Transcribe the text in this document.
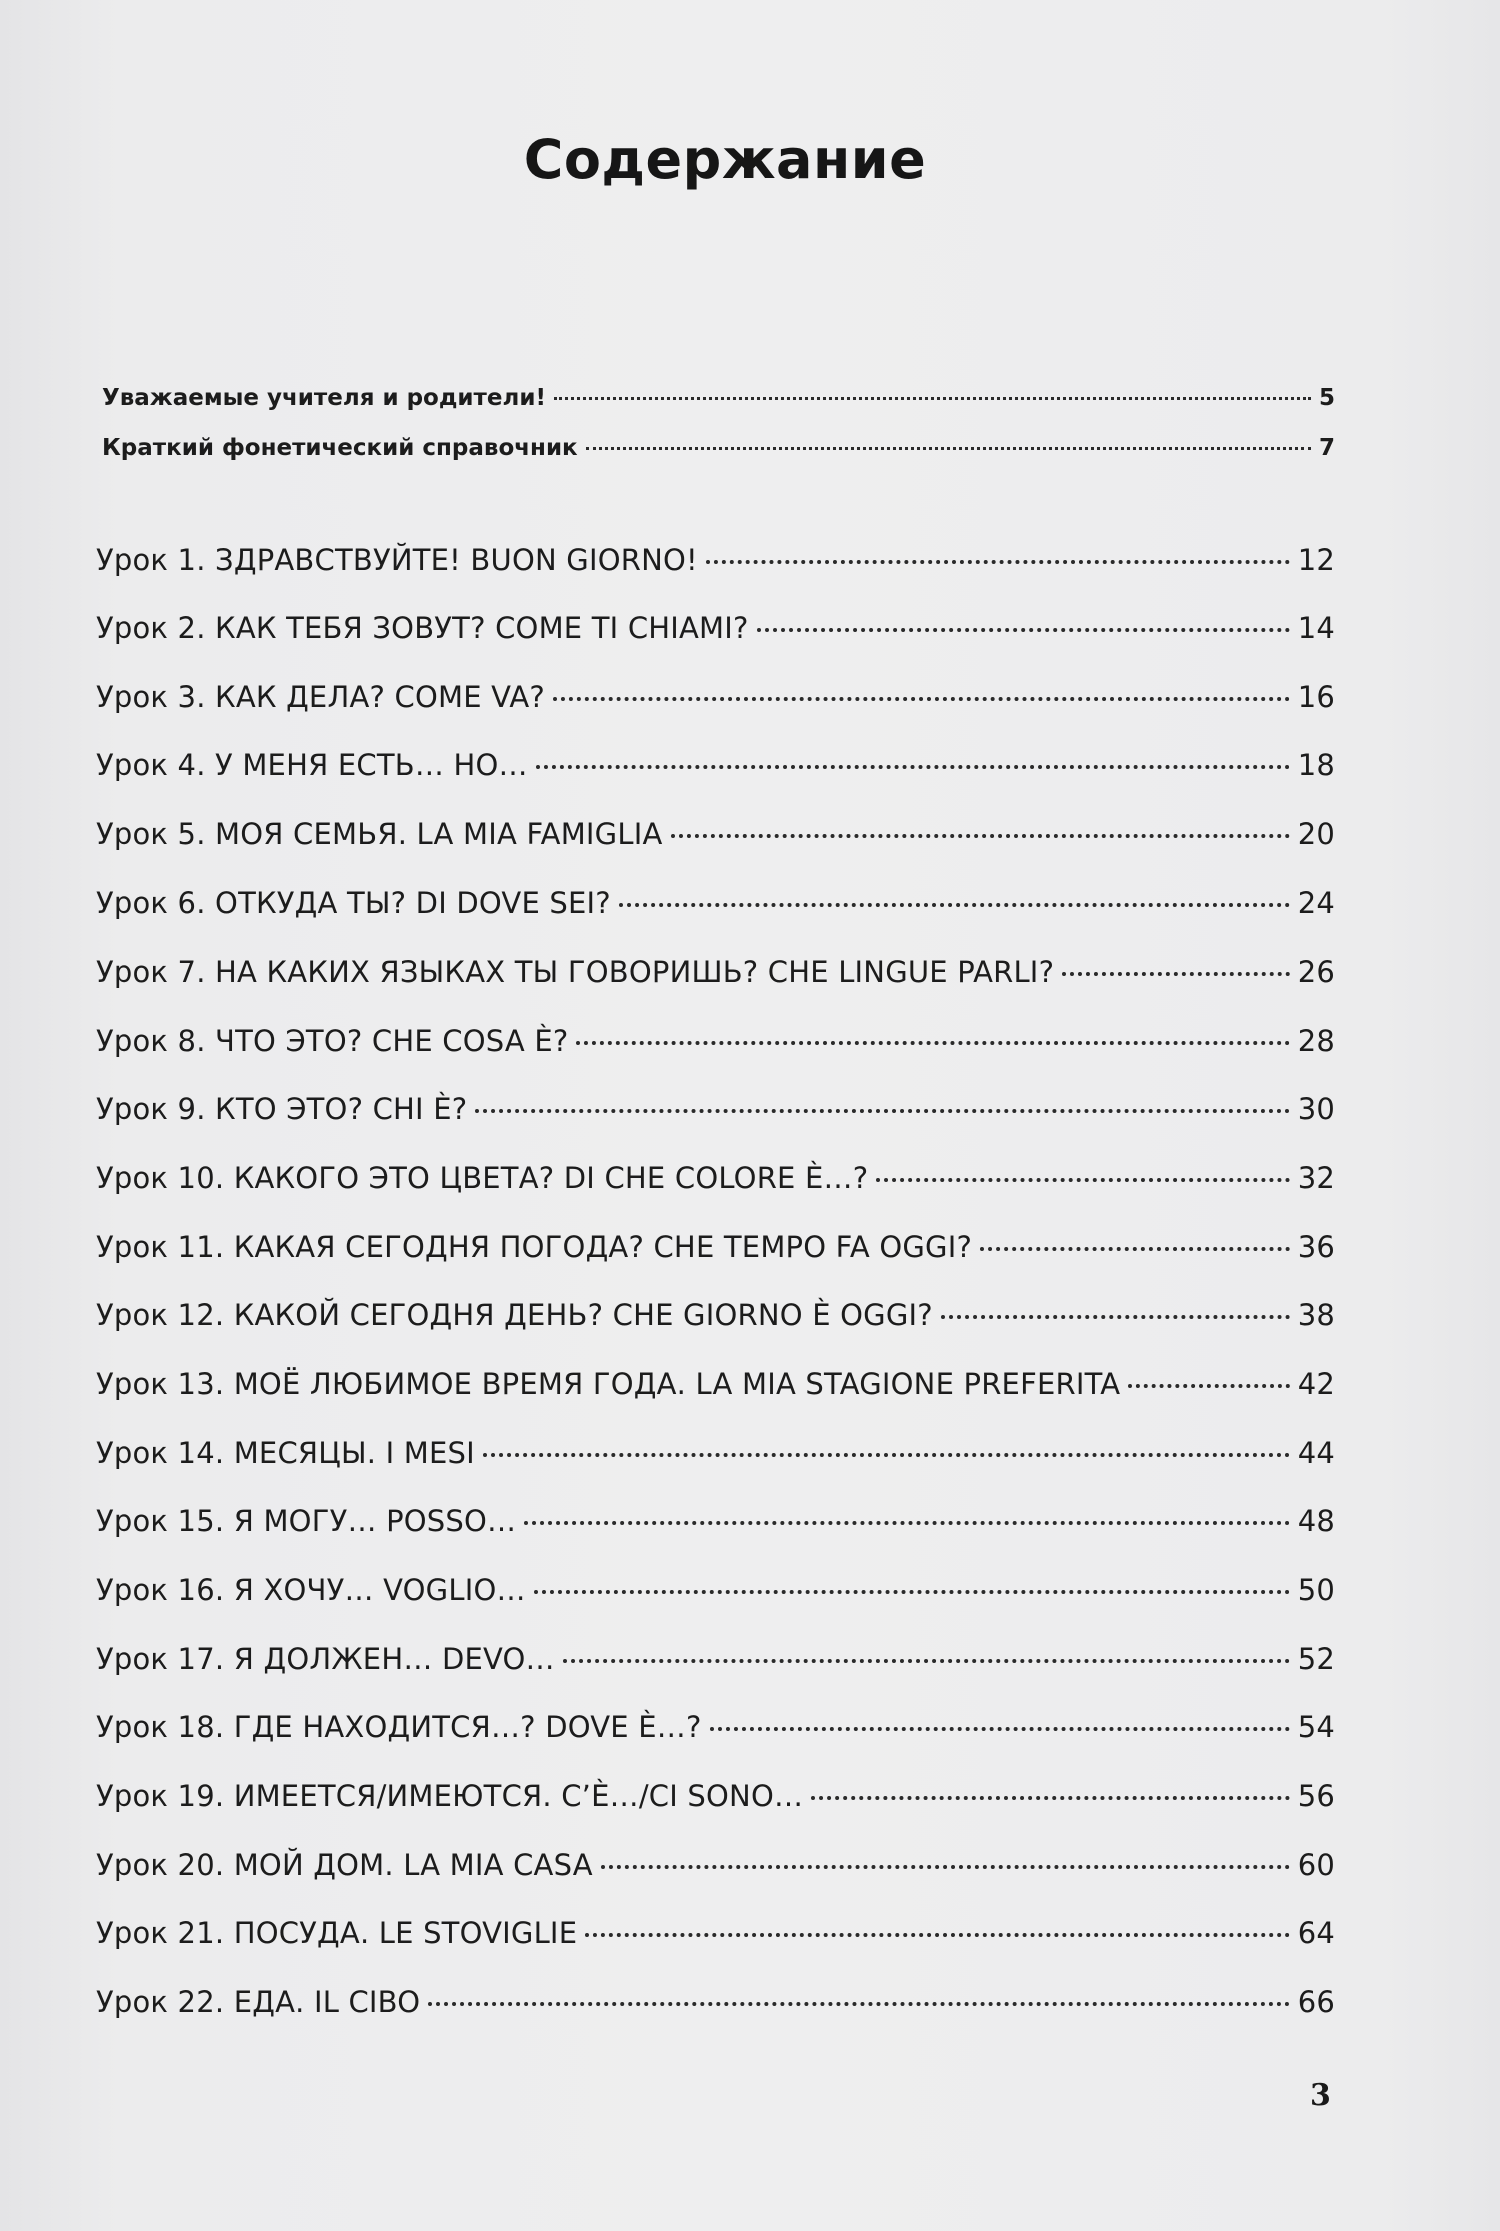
Содержание
Уважаемые учителя и родители!	5
Краткий фонетический справочник	7
Урок 1. ЗДРАВСТВУЙТЕ! BUON GIORNO!	12
Урок 2. КАК ТЕБЯ ЗОВУТ? COME TI CHIAMI?	14
Урок 3. КАК ДЕЛА? COME VA?	16
Урок 4. У МЕНЯ ЕСТЬ… HO…	18
Урок 5. МОЯ СЕМЬЯ. LA MIA FAMIGLIA	20
Урок 6. ОТКУДА ТЫ? DI DOVE SEI?	24
Урок 7. НА КАКИХ ЯЗЫКАХ ТЫ ГОВОРИШЬ? CHE LINGUE PARLI?	26
Урок 8. ЧТО ЭТО? CHE COSA È?	28
Урок 9. КТО ЭТО? CHI È?	30
Урок 10. КАКОГО ЭТО ЦВЕТА? DI CHE COLORE È…?	32
Урок 11. КАКАЯ СЕГОДНЯ ПОГОДА? CHE TEMPO FA OGGI?	36
Урок 12. КАКОЙ СЕГОДНЯ ДЕНЬ? CHE GIORNO È OGGI?	38
Урок 13. МОЁ ЛЮБИМОЕ ВРЕМЯ ГОДА. LA MIA STAGIONE PREFERITA	42
Урок 14. МЕСЯЦЫ. I MESI	44
Урок 15. Я МОГУ… POSSO…	48
Урок 16. Я ХОЧУ… VOGLIO…	50
Урок 17. Я ДОЛЖЕН… DEVO…	52
Урок 18. ГДЕ НАХОДИТСЯ…? DOVE È…?	54
Урок 19. ИМЕЕТСЯ/ИМЕЮТСЯ. C’È…/CI SONO…	56
Урок 20. МОЙ ДОМ. LA MIA CASA	60
Урок 21. ПОСУДА. LE STOVIGLIE	64
Урок 22. ЕДА. IL CIBO	66
3
